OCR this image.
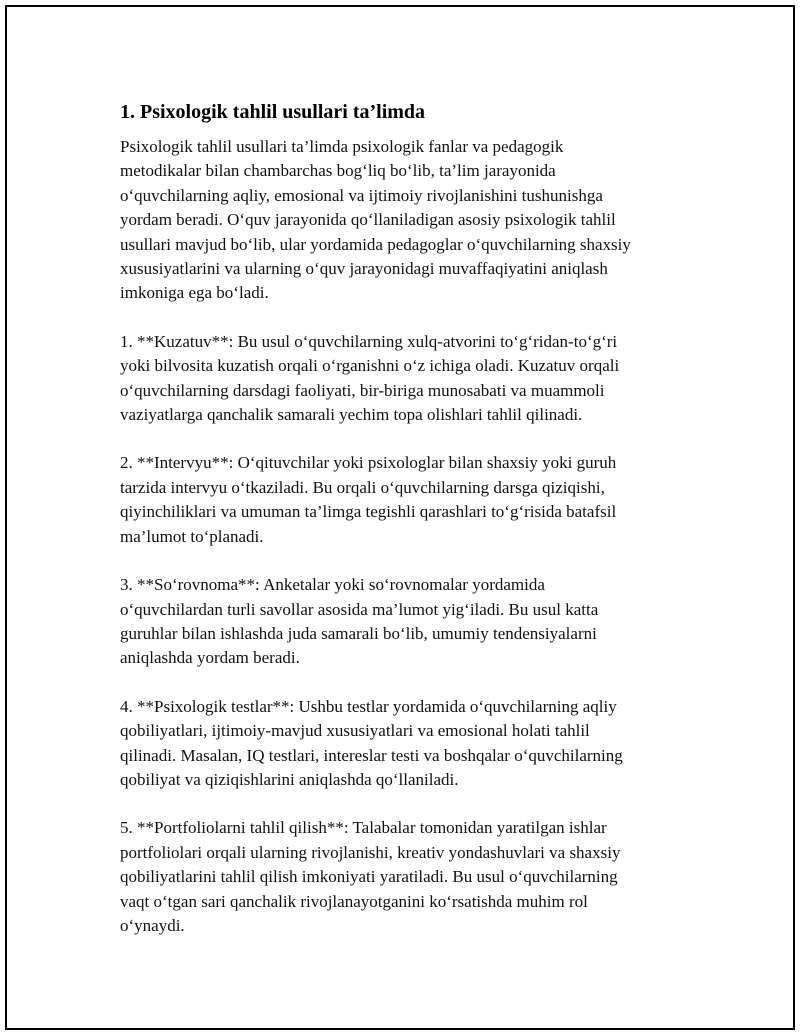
1. Psixologik tahlil usullari ta’limda

Psixologik tahlil usullari ta’limda psixologik fanlar va pedagogik
metodikalar bilan chambarchas bog‘liq bo‘lib, ta’lim jarayonida
o‘quvchilarning aqliy, emosional va ijtimoiy rivojlanishini tushunishga
yordam beradi. O‘quv jarayonida qo‘llaniladigan asosiy psixologik tahlil
usullari mavjud bo‘lib, ular yordamida pedagoglar o‘quvchilarning shaxsiy
xususiyatlarini va ularning o‘quv jarayonidagi muvaffaqiyatini aniqlash
imkoniga ega bo‘ladi.

1. **Kuzatuv**: Bu usul o‘quvchilarning xulq-atvorini to‘g‘ridan-to‘g‘ri
yoki bilvosita kuzatish orqali o‘rganishni o‘z ichiga oladi. Kuzatuv orqali
o‘quvchilarning darsdagi faoliyati, bir-biriga munosabati va muammoli
vaziyatlarga qanchalik samarali yechim topa olishlari tahlil qilinadi.

2. **Intervyu**: O‘qituvchilar yoki psixologlar bilan shaxsiy yoki guruh
tarzida intervyu o‘tkaziladi. Bu orqali o‘quvchilarning darsga qiziqishi,
qiyinchiliklari va umuman ta’limga tegishli qarashlari to‘g‘risida batafsil
ma’lumot to‘planadi.

3. **So‘rovnoma**: Anketalar yoki so‘rovnomalar yordamida
o‘quvchilardan turli savollar asosida ma’lumot yig‘iladi. Bu usul katta
guruhlar bilan ishlashda juda samarali bo‘lib, umumiy tendensiyalarni
aniqlashda yordam beradi.

4. **Psixologik testlar**: Ushbu testlar yordamida o‘quvchilarning aqliy
qobiliyatlari, ijtimoiy-mavjud xususiyatlari va emosional holati tahlil
qilinadi. Masalan, IQ testlari, intereslar testi va boshqalar o‘quvchilarning
qobiliyat va qiziqishlarini aniqlashda qo‘llaniladi.

5. **Portfoliolarni tahlil qilish**: Talabalar tomonidan yaratilgan ishlar
portfoliolari orqali ularning rivojlanishi, kreativ yondashuvlari va shaxsiy
qobiliyatlarini tahlil qilish imkoniyati yaratiladi. Bu usul o‘quvchilarning
vaqt o‘tgan sari qanchalik rivojlanayotganini ko‘rsatishda muhim rol
o‘ynaydi.
